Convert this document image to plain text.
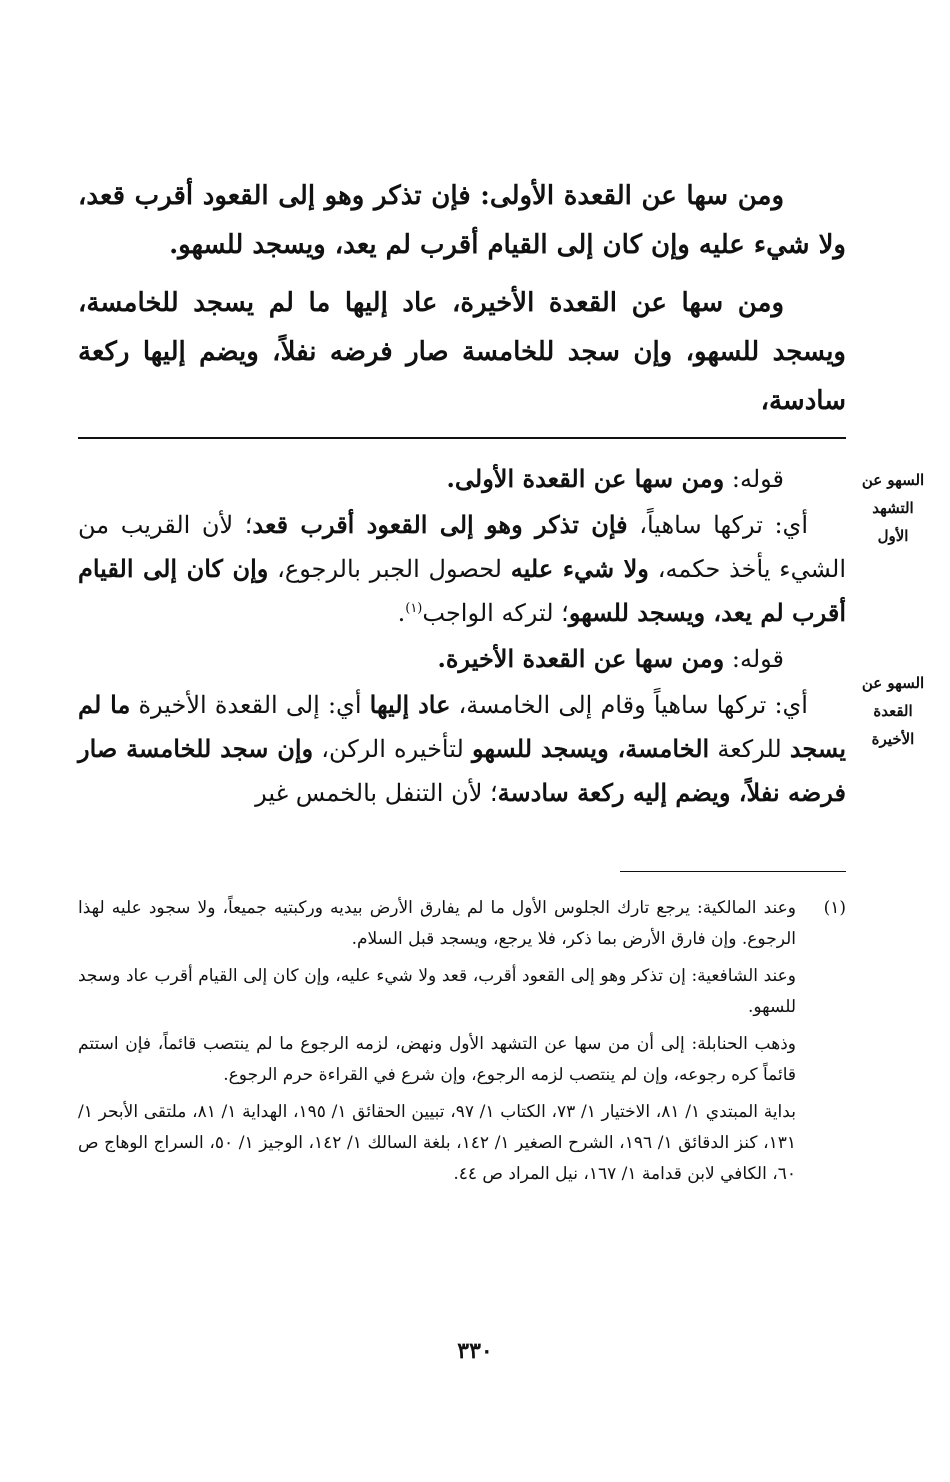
ومن سها عن القعدة الأولى: فإن تذكر وهو إلى القعود أقرب قعد، ولا شيء عليه وإن كان إلى القيام أقرب لم يعد، ويسجد للسهو.

ومن سها عن القعدة الأخيرة، عاد إليها ما لم يسجد للخامسة، ويسجد للسهو، وإن سجد للخامسة صار فرضه نفلاً، ويضم إليها ركعة سادسة،

السهو عن
التشهد
الأول
السهو عن
القعدة
الأخيرة

قوله: ومن سها عن القعدة الأولى.

أي: تركها ساهياً، فإن تذكر وهو إلى القعود أقرب قعد؛ لأن القريب من الشيء يأخذ حكمه، ولا شيء عليه لحصول الجبر بالرجوع، وإن كان إلى القيام أقرب لم يعد، ويسجد للسهو؛ لتركه الواجب$^{(١)}$.

قوله: ومن سها عن القعدة الأخيرة.

أي: تركها ساهياً وقام إلى الخامسة، عاد إليها أي: إلى القعدة الأخيرة ما لم يسجد للركعة الخامسة، ويسجد للسهو لتأخيره الركن، وإن سجد للخامسة صار فرضه نفلاً، ويضم إليه ركعة سادسة؛ لأن التنفل بالخمس غير

(١)
وعند المالكية: يرجع تارك الجلوس الأول ما لم يفارق الأرض بيديه وركبتيه جميعاً، ولا سجود عليه لهذا الرجوع. وإن فارق الأرض بما ذكر، فلا يرجع، ويسجد قبل السلام.

وعند الشافعية: إن تذكر وهو إلى القعود أقرب، قعد ولا شيء عليه، وإن كان إلى القيام أقرب عاد وسجد للسهو.

وذهب الحنابلة: إلى أن من سها عن التشهد الأول ونهض، لزمه الرجوع ما لم ينتصب قائماً، فإن استتم قائماً كره رجوعه، وإن لم ينتصب لزمه الرجوع، وإن شرع في القراءة حرم الرجوع.

بداية المبتدي ١/ ٨١، الاختيار ١/ ٧٣، الكتاب ١/ ٩٧، تبيين الحقائق ١/ ١٩٥، الهداية ١/ ٨١، ملتقى الأبحر ١/ ١٣١، كنز الدقائق ١/ ١٩٦، الشرح الصغير ١/ ١٤٢، بلغة السالك ١/ ١٤٢، الوجيز ١/ ٥٠، السراج الوهاج ص ٦٠، الكافي لابن قدامة ١/ ١٦٧، نيل المراد ص ٤٤.

٣٣٠
